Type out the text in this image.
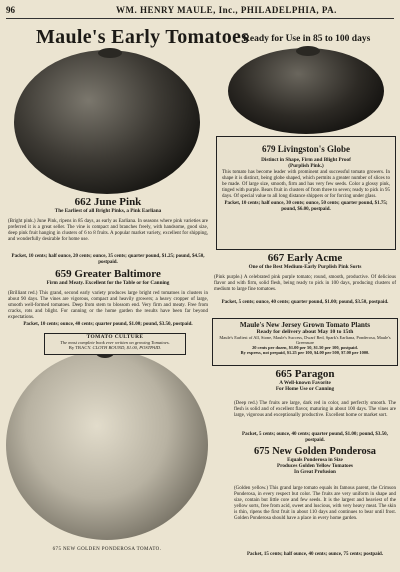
96	WM. HENRY MAULE, Inc., PHILADELPHIA, PA.
Maule's Early Tomatoes
Ready for Use in 85 to 100 days
662 June Pink
The Earliest of all Bright Pinks, a Pink Earliana
(Bright pink.) June Pink, ripens in 85 days, as early as Earliana. In seasons where pink varieties are preferred it is a great seller. The vine is compact and branches freely, with handsome, good size, deep pink fruit hanging in clusters of 6 to 8 fruits. A popular market variety, excellent for shipping, and wonderfully desirable for home use.
Packet, 10 cents; half ounce, 20 cents; ounce, 35 cents; quarter pound, $1.25; pound, $4.50, postpaid.
659 Greater Baltimore
Firm and Meaty. Excellent for the Table or for Canning
(Brilliant red.) This grand, second early variety produces large bright red tomatoes in clusters in about 90 days. The vines are vigorous, compact and heavily growers; a heavy cropper of large, smooth well-formed tomatoes. Deep from stem to blossom end. Very firm and meaty. Free from cracks, rots and blight. For canning or the home garden the results have been far beyond expectations.
Packet, 10 cents; ounce, 40 cents; quarter pound, $1.00; pound, $3.50, postpaid.
TOMATO CULTURE
The most complete book ever written on growing Tomatoes.
By TRACY. CLOTH BOUND, $1.00, POSTPAID.
679 Livingston's Globe
Distinct in Shape, Firm and Blight Proof
(Purplish Pink.)
This tomato has become leader with prominent and successful tomato growers. In shape it is distinct, being globe shaped, which permits a greater number of slices to be made. Of large size, smooth, firm and has very few seeds. Color a glossy pink, tinged with purple. Bears fruit in clusters of from three to seven; ready to pick in 95 days. Of special value to all long distance shippers or for forcing under glass.
Packet, 10 cents; half ounce, 30 cents; ounce, 50 cents; quarter pound, $1.75; pound, $6.00, postpaid.
667 Early Acme
One of the Best Medium-Early Purplish Pink Sorts
(Pink purple.) A celebrated pink purple tomato; round, smooth, productive. Of delicious flavor and with firm, solid flesh, being ready to pick in 100 days, producing clusters of medium to large fine tomatoes.
Packet, 5 cents; ounce, 40 cents; quarter pound, $1.00; pound, $3.50, postpaid.
Maule's New Jersey Grown Tomato Plants
Ready for delivery about May 10 to 15th
Maule's Earliest of All, Stone, Maule's Success, Dwarf Red, Spark's Earliana, Ponderosa, Maule's Greensure
20 cents per dozen, $1.00 per 50, $1.50 per 100, postpaid.
By express, not prepaid, $1.25 per 100, $4.00 per 500, $7.00 per 1000.
665 Paragon
A Well-known Favorite
For Home Use or Canning
(Deep red.) The fruits are large, dark red in color, and perfectly smooth. The flesh is solid and of excellent flavor, maturing in about 100 days. The vines are large, vigorous and exceptionally productive. Excellent home or market sort.
Packet, 5 cents; ounce, 40 cents; quarter pound, $1.00; pound, $3.50, postpaid.
675 New Golden Ponderosa
Equals Ponderosa in Size
Produces Golden Yellow Tomatoes
In Great Profusion
(Golden yellow.) This grand large tomato equals its famous parent, the Crimson Ponderosa, in every respect but color. The fruits are very uniform in shape and size, contain but little core and few seeds. It is the largest and heaviest of the yellow sorts, free from acid, sweet and luscious, with very heavy meat. The skin is thin, ripens the first fruit in about 110 days and continues to bear until frost. Golden Ponderosa should have a place in every home garden.
Packet, 15 cents; half ounce, 40 cents; ounce, 75 cents; postpaid.
675 NEW GOLDEN PONDEROSA TOMATO.
